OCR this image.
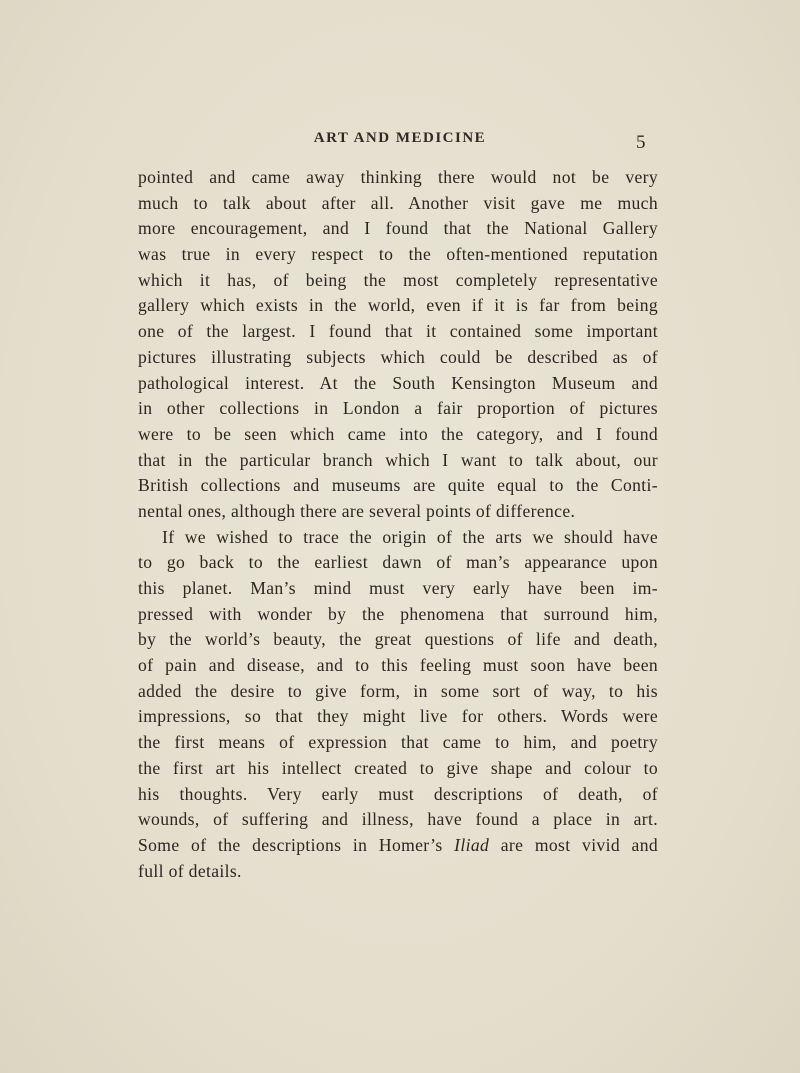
ART AND MEDICINE	5
pointed and came away thinking there would not be very
much to talk about after all. Another visit gave me much
more encouragement, and I found that the National Gallery
was true in every respect to the often-mentioned reputation
which it has, of being the most completely representative
gallery which exists in the world, even if it is far from being
one of the largest. I found that it contained some important
pictures illustrating subjects which could be described as of
pathological interest. At the South Kensington Museum and
in other collections in London a fair proportion of pictures
were to be seen which came into the category, and I found
that in the particular branch which I want to talk about, our
British collections and museums are quite equal to the Conti-
nental ones, although there are several points of difference.
If we wished to trace the origin of the arts we should have
to go back to the earliest dawn of man’s appearance upon
this planet. Man’s mind must very early have been im-
pressed with wonder by the phenomena that surround him,
by the world’s beauty, the great questions of life and death,
of pain and disease, and to this feeling must soon have been
added the desire to give form, in some sort of way, to his
impressions, so that they might live for others. Words were
the first means of expression that came to him, and poetry
the first art his intellect created to give shape and colour to
his thoughts. Very early must descriptions of death, of
wounds, of suffering and illness, have found a place in art.
Some of the descriptions in Homer’s Iliad are most vivid and
full of details.
